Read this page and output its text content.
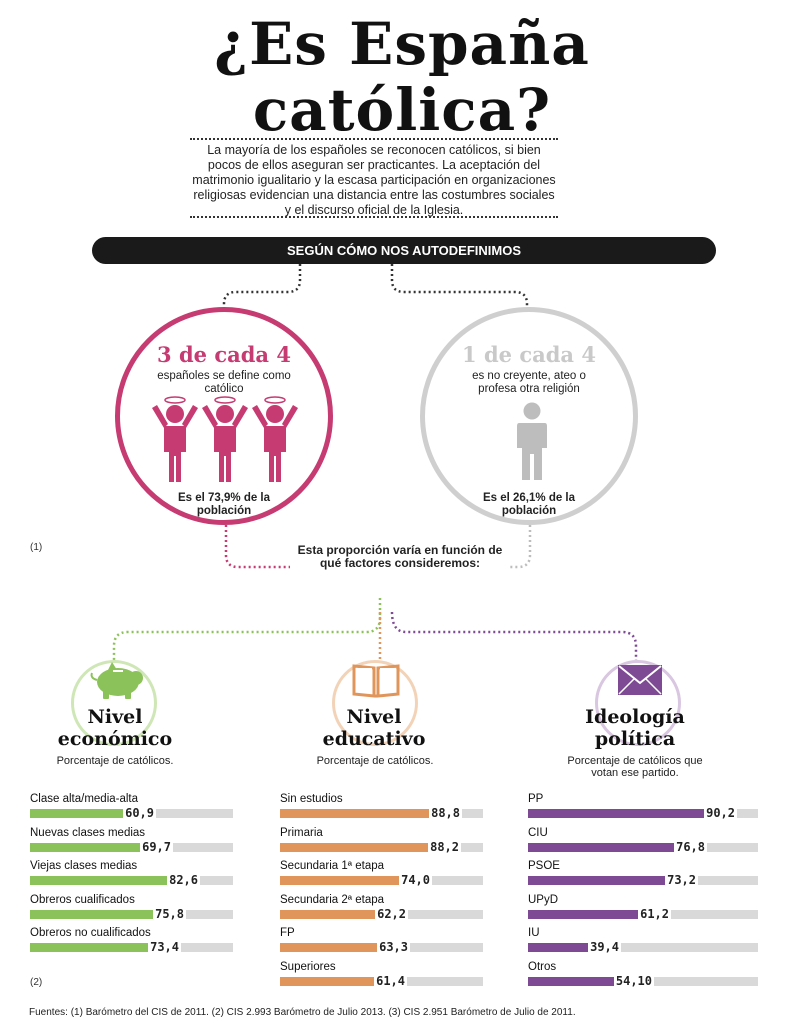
¿Es España
católica?
La mayoría de los españoles se reconocen católicos, si bien pocos de ellos aseguran ser practicantes. La aceptación del matrimonio igualitario y la escasa participación en organizaciones religiosas evidencian una distancia entre las costumbres sociales y el discurso oficial de la Iglesia.
SEGÚN CÓMO NOS AUTODEFINIMOS
3 de cada 4
españoles se define como católico
Es el 73,9% de la población
1 de cada 4
es no creyente, ateo o profesa otra religión
Es el 26,1% de la población
(1)	Esta proporción varía en función de qué factores consideremos:
Nivel económico
Porcentaje de católicos.
Nivel educativo
Porcentaje de católicos.
Ideología política
Porcentaje de católicos que votan ese partido.
Clase alta/media-alta
60,9
Nuevas clases medias
69,7
Viejas clases medias
82,6
Obreros cualificados
75,8
Obreros no cualificados
73,4
Sin estudios
88,8
Primaria
88,2
Secundaria 1ª etapa
74,0
Secundaria 2ª etapa
62,2
FP
63,3
Superiores
61,4
PP
90,2
CIU
76,8
PSOE
73,2
UPyD
61,2
IU
39,4
Otros
54,10
(2)
Fuentes: (1) Barómetro del CIS de 2011. (2) CIS 2.993 Barómetro de Julio 2013. (3) CIS 2.951 Barómetro de Julio de 2011.
